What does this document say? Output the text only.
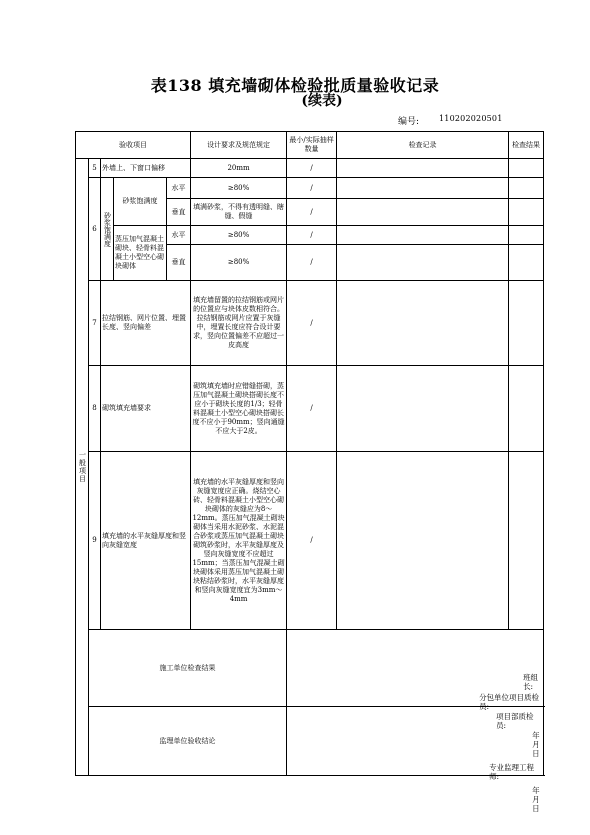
表138 填充墙砌体检验批质量验收记录
(续表)
编号: 110202020501
验收项目					设计要求及规范规定	最小/实际抽样数量	检查记录	检查结果
一般项目	5	外墙上、下窗口偏移			20mm	/		
	6	砂浆饱满度	砂浆饱满度	水平	≥80%	/		
				垂直	填满砂浆，不得有透明缝、瞎缝、假缝	/		
			蒸压加气混凝土砌块、轻骨料混凝土小型空心砌块砌体	水平	≥80%	/		
				垂直	≥80%	/		
	7	拉结钢筋、网片位置、埋置长度、竖向偏差			填充墙留置的拉结钢筋或网片的位置应与块体皮数相符合。拉结钢筋或网片应置于灰缝中，埋置长度应符合设计要求，竖向位置偏差不应超过一皮高度	/		
	8	砌筑填充墙要求			砌筑填充墙时应错缝搭砌，蒸压加气混凝土砌块搭砌长度不应小于砌块长度的1/3；轻骨料混凝土小型空心砌块搭砌长度不应小于90mm；竖向通缝不应大于2皮。	/		
	9	填充墙的水平灰缝厚度和竖向灰缝宽度			填充墙的水平灰缝厚度和竖向灰缝宽度应正确。烧结空心砖、轻骨料混凝土小型空心砌块砌体的灰缝应为8～12mm。蒸压加气混凝土砌块砌体当采用水泥砂浆、水泥混合砂浆或蒸压加气混凝土砌块砌筑砂浆时，水平灰缝厚度及竖向灰缝宽度不应超过15mm；当蒸压加气混凝土砌块砌体采用蒸压加气混凝土砌块粘结砂浆时，水平灰缝厚度和竖向灰缝宽度宜为3mm～4mm	/		
	施工单位检查结果					班组长:
分包单位项目质检员:
项目部质检员:
年 月 日		

	监理单位验收结论					专业监理工程师:
年 月 日		
